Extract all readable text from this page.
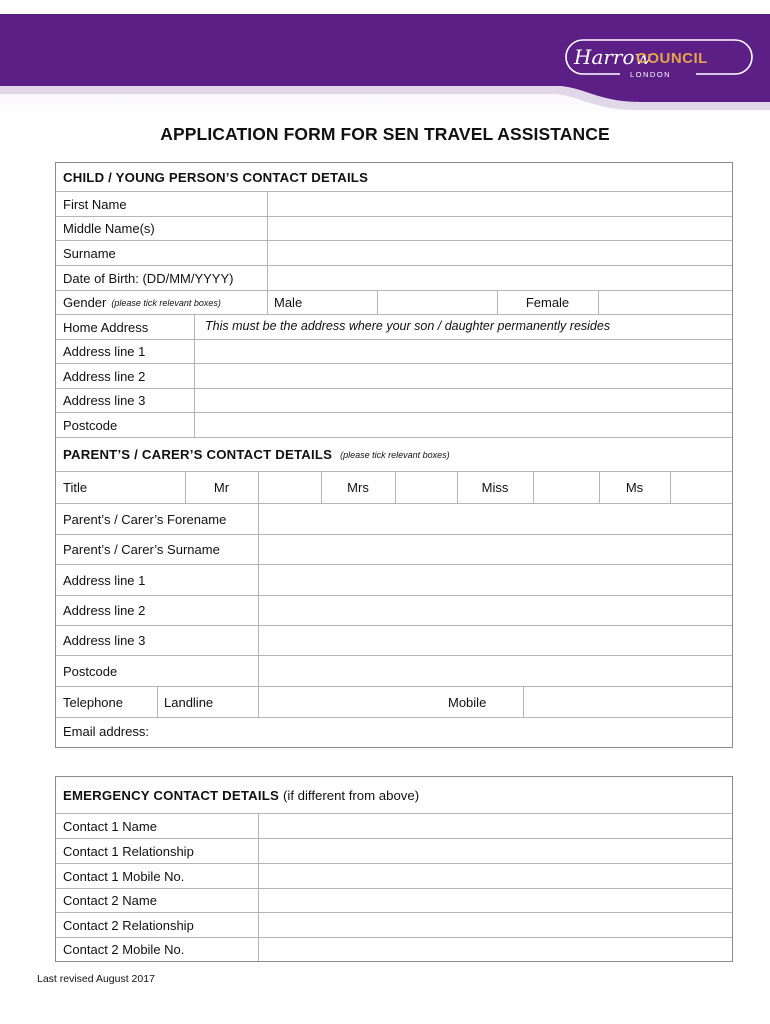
Harrow
COUNCIL
LONDON
APPLICATION FORM FOR SEN TRAVEL ASSISTANCE
CHILD / YOUNG PERSON’S CONTACT DETAILS
First Name
Middle Name(s)
Surname
Date of Birth: (DD/MM/YYYY)
Gender (please tick relevant boxes)	Male	Female
Home Address	This must be the address where your son / daughter permanently resides
Address line 1
Address line 2
Address line 3
Postcode
PARENT’S / CARER’S CONTACT DETAILS (please tick relevant boxes)
Title	Mr	Mrs	Miss	Ms
Parent’s / Carer’s Forename
Parent’s / Carer’s Surname
Address line 1
Address line 2
Address line 3
Postcode
Telephone	Landline	Mobile
Email address:
EMERGENCY CONTACT DETAILS (if different from above)
Contact 1 Name
Contact 1 Relationship
Contact 1 Mobile No.
Contact 2 Name
Contact 2 Relationship
Contact 2 Mobile No.
Last revised August 2017
